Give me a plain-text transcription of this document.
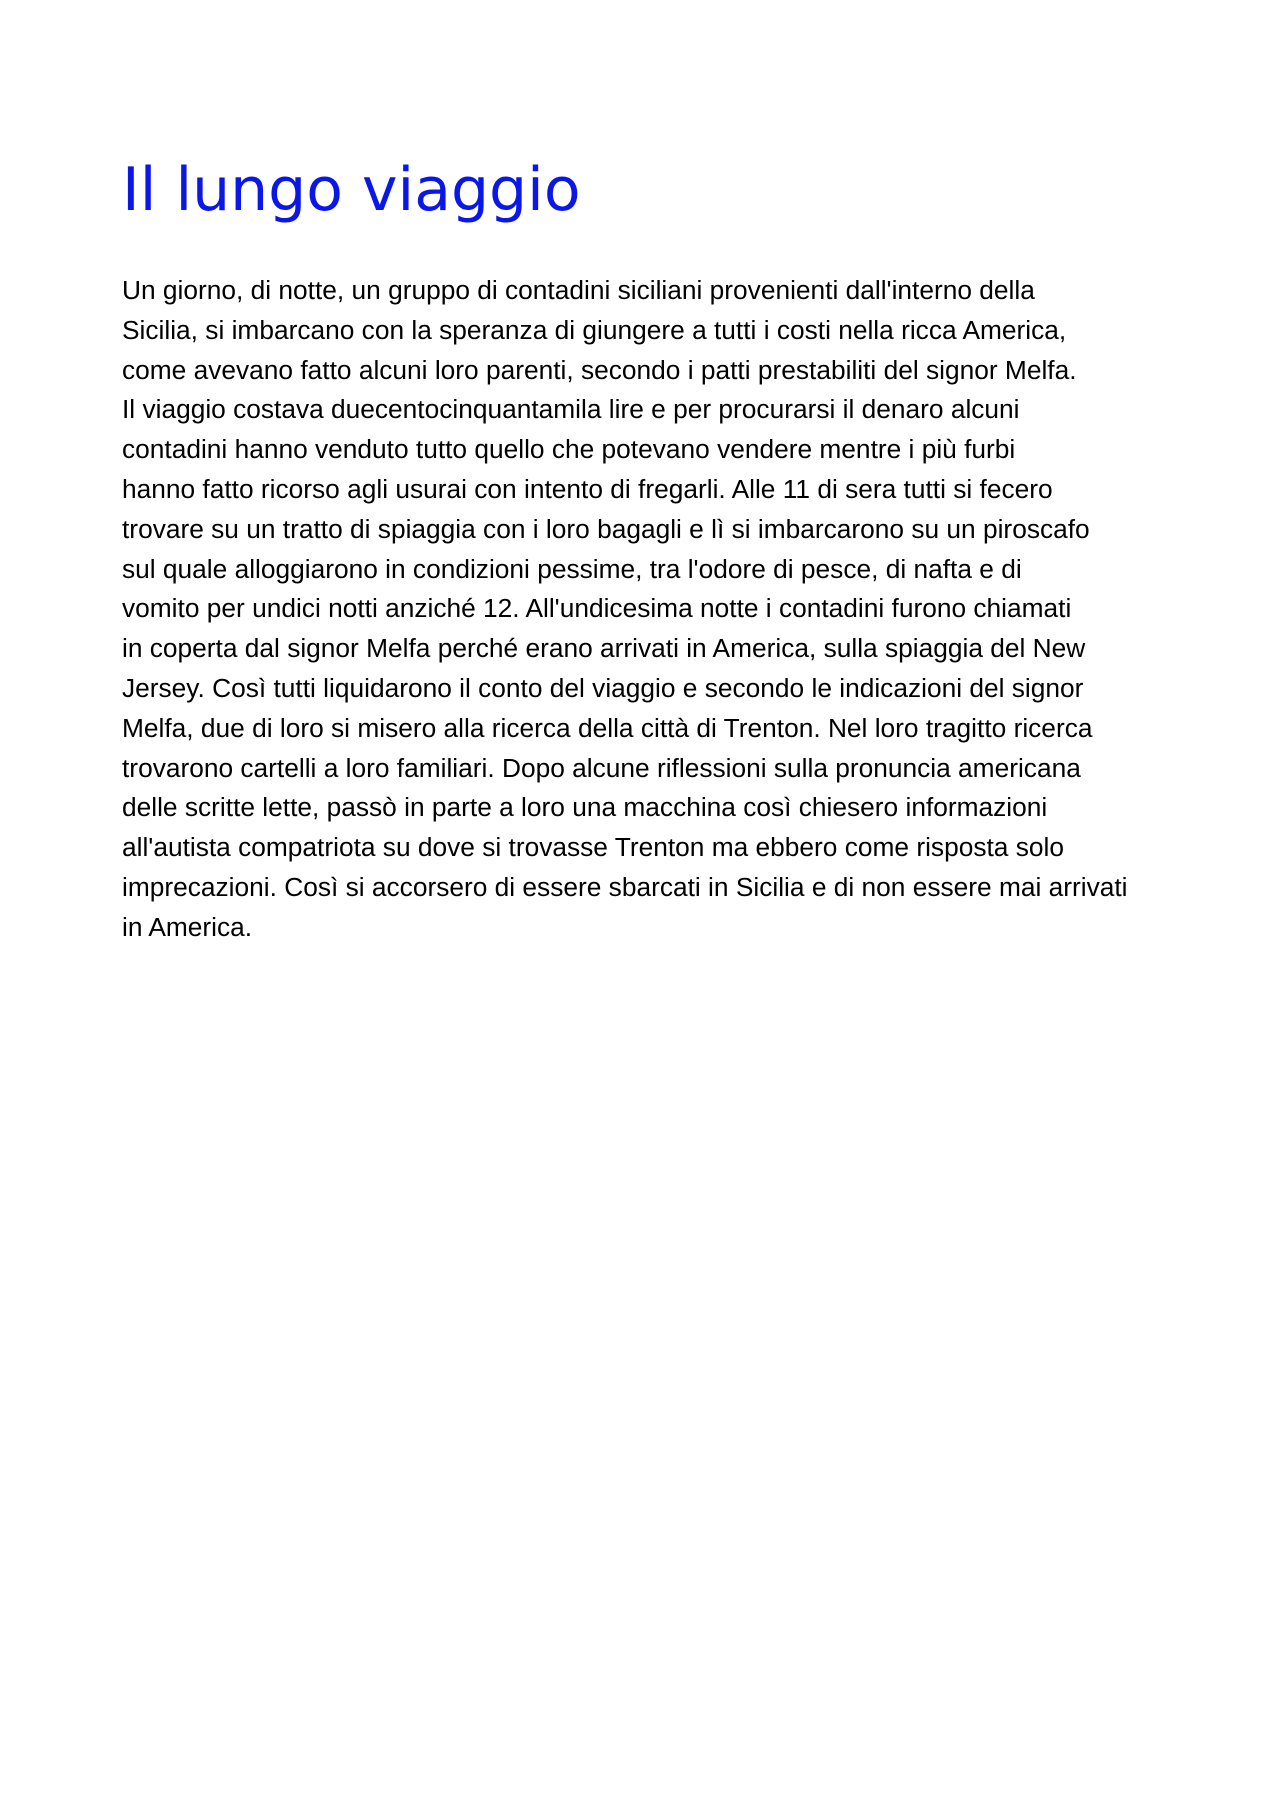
Il lungo viaggio
Un giorno, di notte, un gruppo di contadini siciliani provenienti dall'interno della
Sicilia, si imbarcano con la speranza di giungere a tutti i costi nella ricca America,
come avevano fatto alcuni loro parenti, secondo i patti prestabiliti del signor Melfa.
Il viaggio costava duecentocinquantamila lire e per procurarsi il denaro alcuni
contadini hanno venduto tutto quello che potevano vendere mentre i più furbi
hanno fatto ricorso agli usurai con intento di fregarli. Alle 11 di sera tutti si fecero
trovare su un tratto di spiaggia con i loro bagagli e lì si imbarcarono su un piroscafo
sul quale alloggiarono in condizioni pessime, tra l'odore di pesce, di nafta e di
vomito per undici notti anziché 12. All'undicesima notte i contadini furono chiamati
in coperta dal signor Melfa perché erano arrivati in America, sulla spiaggia del New
Jersey. Così tutti liquidarono il conto del viaggio e secondo le indicazioni del signor
Melfa, due di loro si misero alla ricerca della città di Trenton. Nel loro tragitto ricerca
trovarono cartelli a loro familiari. Dopo alcune riflessioni sulla pronuncia americana
delle scritte lette, passò in parte a loro una macchina così chiesero informazioni
all'autista compatriota su dove si trovasse Trenton ma ebbero come risposta solo
imprecazioni. Così si accorsero di essere sbarcati in Sicilia e di non essere mai arrivati
in America.
